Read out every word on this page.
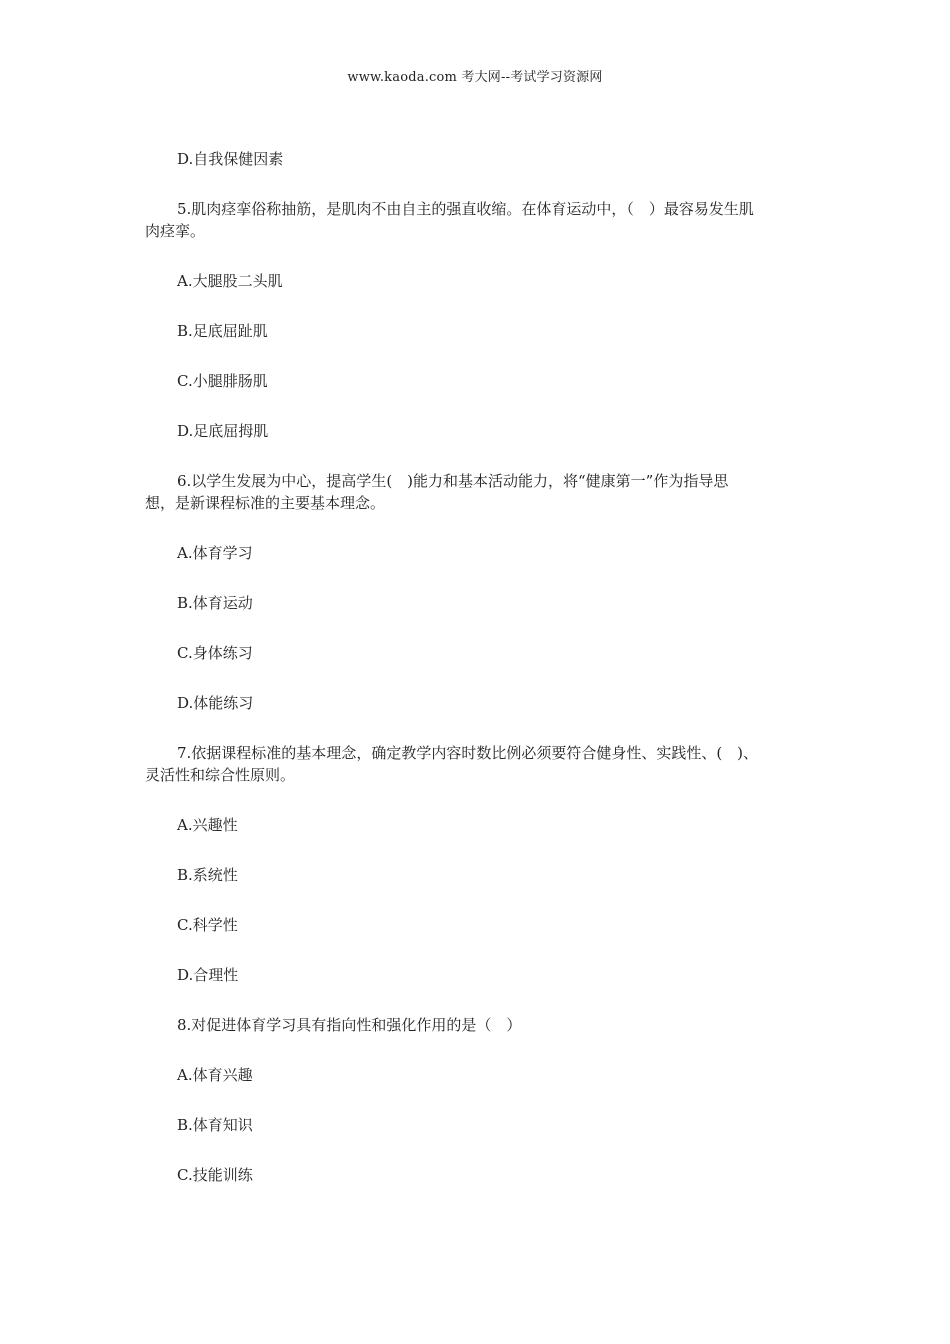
www.kaoda.com 考大网--考试学习资源网
D.自我保健因素
5.肌肉痉挛俗称抽筋，是肌肉不由自主的强直收缩。在体育运动中，（　）最容易发生肌
肉痉挛。
A.大腿股二头肌
B.足底屈趾肌
C.小腿腓肠肌
D.足底屈拇肌
6.以学生发展为中心，提高学生(　)能力和基本活动能力，将“健康第一”作为指导思
想，是新课程标准的主要基本理念。
A.体育学习
B.体育运动
C.身体练习
D.体能练习
7.依据课程标准的基本理念，确定教学内容时数比例必须要符合健身性、实践性、(　)、
灵活性和综合性原则。
A.兴趣性
B.系统性
C.科学性
D.合理性
8.对促进体育学习具有指向性和强化作用的是（　）
A.体育兴趣
B.体育知识
C.技能训练
